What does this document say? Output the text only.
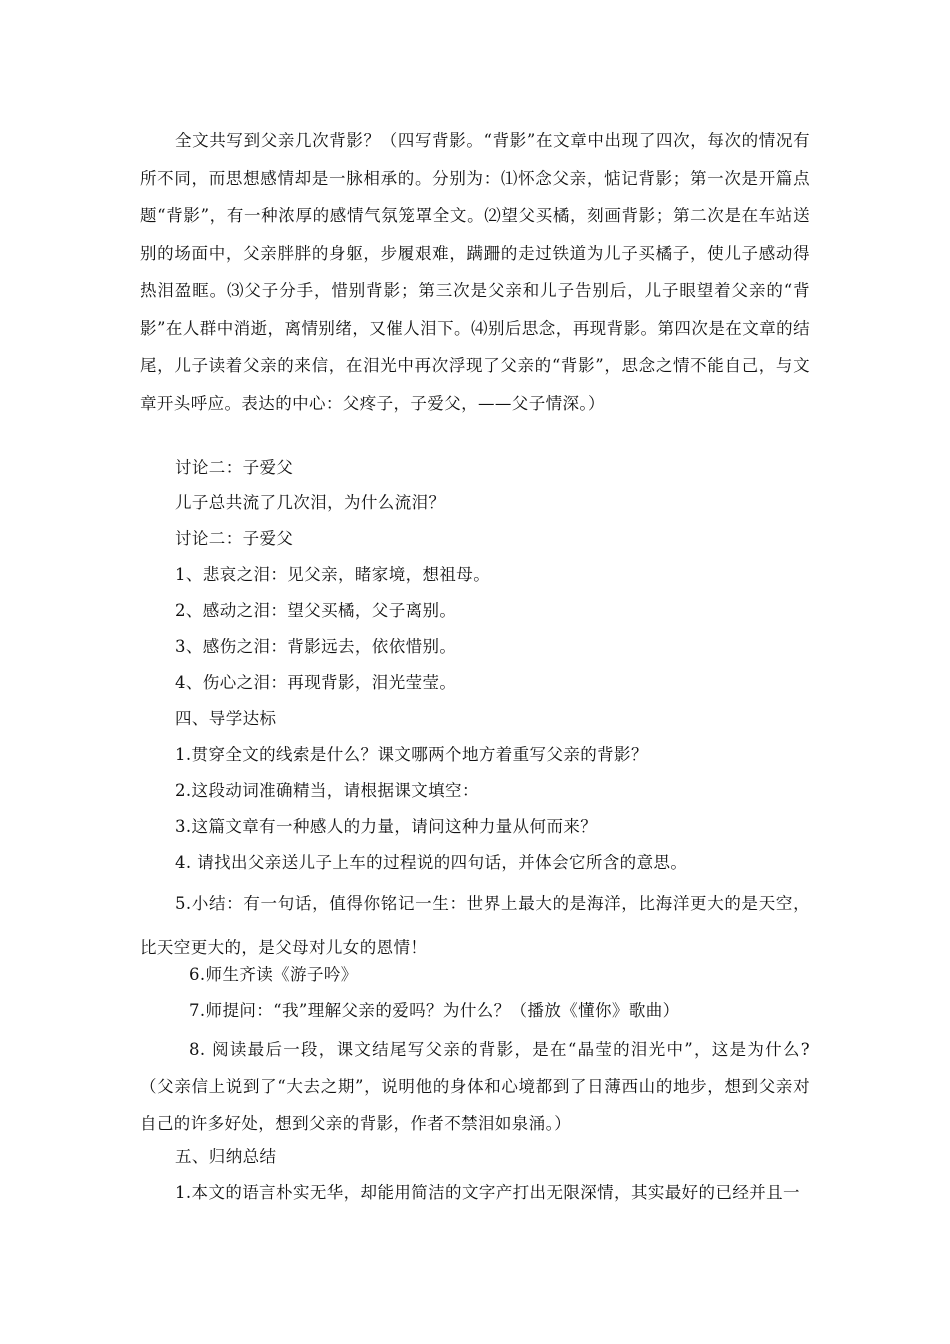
全文共写到父亲几次背影？（四写背影。“背影”在文章中出现了四次，每次的情况有所不同，而思想感情却是一脉相承的。分别为：⑴怀念父亲，惦记背影；第一次是开篇点题“背影”，有一种浓厚的感情气氛笼罩全文。⑵望父买橘，刻画背影；第二次是在车站送别的场面中，父亲胖胖的身躯，步履艰难，蹒跚的走过铁道为儿子买橘子，使儿子感动得热泪盈眶。⑶父子分手，惜别背影；第三次是父亲和儿子告别后，儿子眼望着父亲的“背影”在人群中消逝，离情别绪，又催人泪下。⑷别后思念，再现背影。第四次是在文章的结尾，儿子读着父亲的来信，在泪光中再次浮现了父亲的“背影”，思念之情不能自己，与文章开头呼应。表达的中心：父疼子，子爱父，——父子情深。）
讨论二：子爱父
儿子总共流了几次泪，为什么流泪？
讨论二：子爱父
1、悲哀之泪：见父亲，睹家境，想祖母。
2、感动之泪：望父买橘，父子离别。
3、感伤之泪：背影远去，依依惜别。
4、伤心之泪：再现背影，泪光莹莹。
四、导学达标
1.贯穿全文的线索是什么？课文哪两个地方着重写父亲的背影？
2.这段动词准确精当，请根据课文填空：
3.这篇文章有一种感人的力量，请问这种力量从何而来？
4. 请找出父亲送儿子上车的过程说的四句话，并体会它所含的意思。
5.小结：有一句话，值得你铭记一生：世界上最大的是海洋，比海洋更大的是天空，比天空更大的，是父母对儿女的恩情！
6.师生齐读《游子吟》
7.师提问：“我”理解父亲的爱吗？为什么？（播放《懂你》歌曲）
8. 阅读最后一段，课文结尾写父亲的背影，是在“晶莹的泪光中”，这是为什么?（父亲信上说到了“大去之期”，说明他的身体和心境都到了日薄西山的地步，想到父亲对自己的许多好处，想到父亲的背影，作者不禁泪如泉涌。）
五、归纳总结
1.本文的语言朴实无华，却能用简洁的文字产打出无限深情，其实最好的已经并且一
